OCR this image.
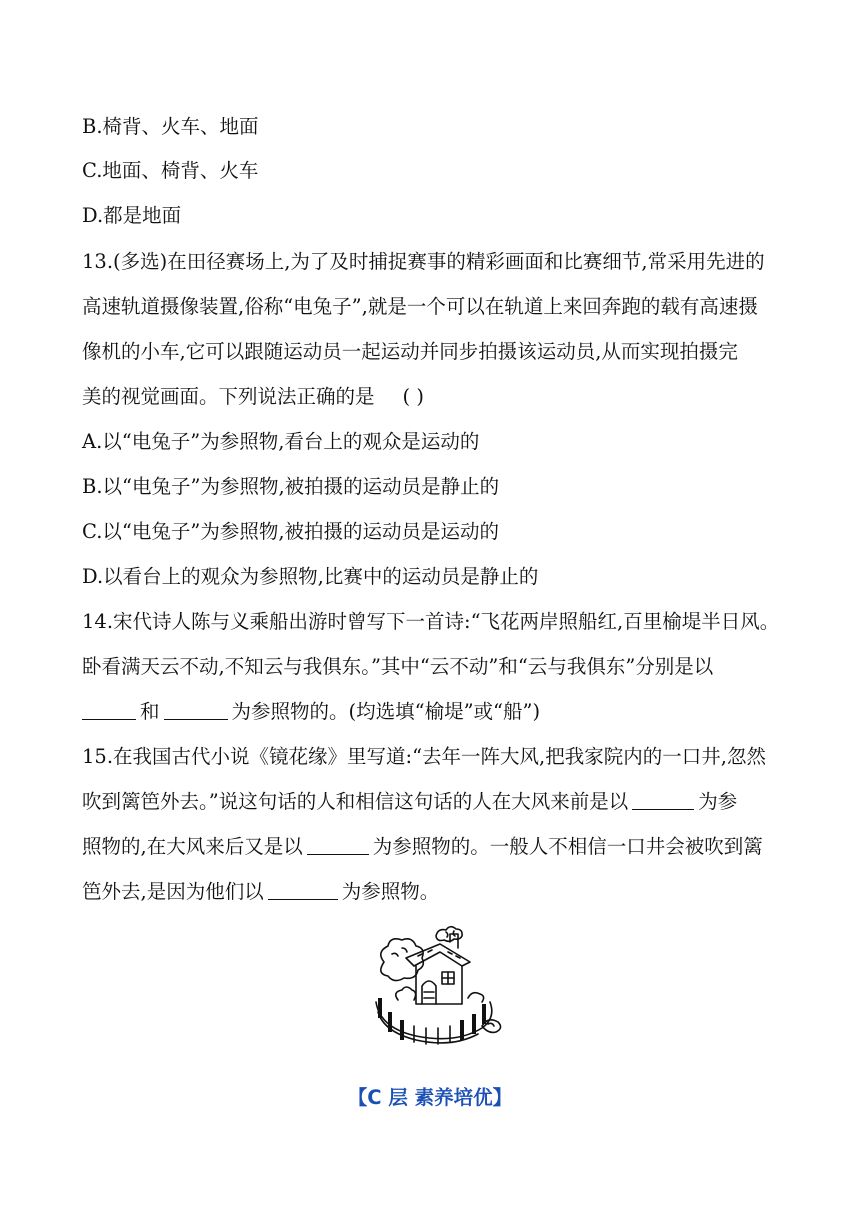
B.椅背、火车、地面
C.地面、椅背、火车
D.都是地面
13.(多选)在田径赛场上,为了及时捕捉赛事的精彩画面和比赛细节,常采用先进的
高速轨道摄像装置,俗称“电兔子”,就是一个可以在轨道上来回奔跑的载有高速摄
像机的小车,它可以跟随运动员一起运动并同步拍摄该运动员,从而实现拍摄完
美的视觉画面。下列说法正确的是 ( )
A.以“电兔子”为参照物,看台上的观众是运动的
B.以“电兔子”为参照物,被拍摄的运动员是静止的
C.以“电兔子”为参照物,被拍摄的运动员是运动的
D.以看台上的观众为参照物,比赛中的运动员是静止的
14.宋代诗人陈与义乘船出游时曾写下一首诗:“飞花两岸照船红,百里榆堤半日风。
卧看满天云不动,不知云与我俱东。”其中“云不动”和“云与我俱东”分别是以
和	为参照物的。(均选填“榆堤”或“船”)
15.在我国古代小说《镜花缘》里写道:“去年一阵大风,把我家院内的一口井,忽然
吹到篱笆外去。”说这句话的人和相信这句话的人在大风来前是以	为参
照物的,在大风来后又是以	为参照物的。一般人不相信一口井会被吹到篱
笆外去,是因为他们以	为参照物。
【C 层 素养培优】
